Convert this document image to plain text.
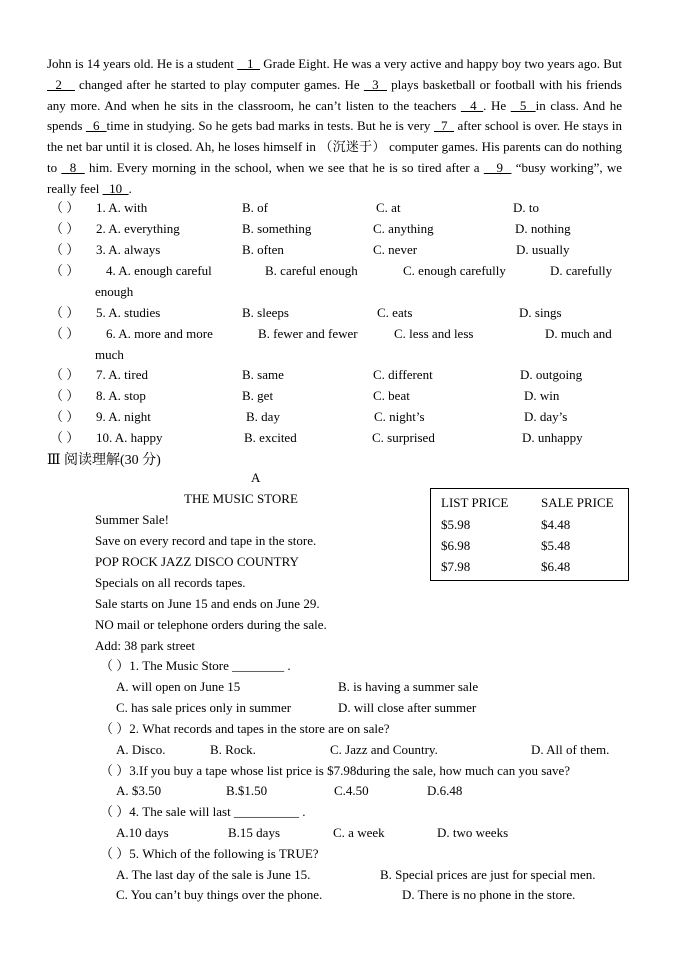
John is 14 years old. He is a student    1   Grade Eight. He was a very active and happy boy two years ago. But   2__ changed after he started to play computer games. He   3   plays basketball or football with his friends any more. And when he sits in the classroom, he can’t listen to the teachers   4_. He   5  in class. And he spends   6  time in studying. So he gets bad marks in tests. But he is very   7_ after school is over. He stays in the net bar until it is closed. Ah, he loses himself in （沉迷于） computer games. His parents can do nothing to   8   him. Every morning in the school, when we see that he is so tired after a    9   “busy working”, we really feel   10  .
（ ） 1. A. with	B. of	C. at	D. to
（ ） 2. A. everything	B. something	C. anything	D. nothing
（ ） 3. A. always	B. often	C. never	D. usually
（ ） 4. A. enough careful	B. careful enough	C. enough carefully	D. carefully
enough
（ ） 5. A. studies	B. sleeps	C. eats	D. sings
（ ） 6. A. more and more	B. fewer and fewer	C. less and less	D. much and
much
（ ） 7. A. tired	B. same	C. different	D. outgoing
（ ） 8. A. stop	B. get	C. beat	D. win
（ ） 9. A. night	B. day	C. night’s	D. day’s
（ ） 10. A. happy	B. excited	C. surprised	D. unhappy
Ⅲ 阅读理解(30 分)
A
THE MUSIC STORE
Summer Sale!
Save on every record and tape in the store.
POP ROCK JAZZ DISCO COUNTRY
Specials on all records tapes.
Sale starts on June 15 and ends on June 29.
NO mail or telephone orders during the sale.
Add: 38 park street
LIST PRICE	SALE PRICE
$5.98	$4.48
$6.98	$5.48
$7.98	$6.48
（ ）1. The Music Store ________ .
A. will open on June 15	B. is having a summer sale
C. has sale prices only in summer	D. will close after summer
（ ）2. What records and tapes in the store are on sale?
A. Disco.	B. Rock.	C. Jazz and Country.	D. All of them.
（ ）3.If you buy a tape whose list price is $7.98during the sale, how much can you save?
A. $3.50	B.$1.50	C.4.50	D.6.48
（ ）4. The sale will last __________ .
A.10 days	B.15 days	C. a week	D. two weeks
（ ）5. Which of the following is TRUE?
A. The last day of the sale is June 15.	B. Special prices are just for special men.
C. You can’t buy things over the phone.	D. There is no phone in the store.
